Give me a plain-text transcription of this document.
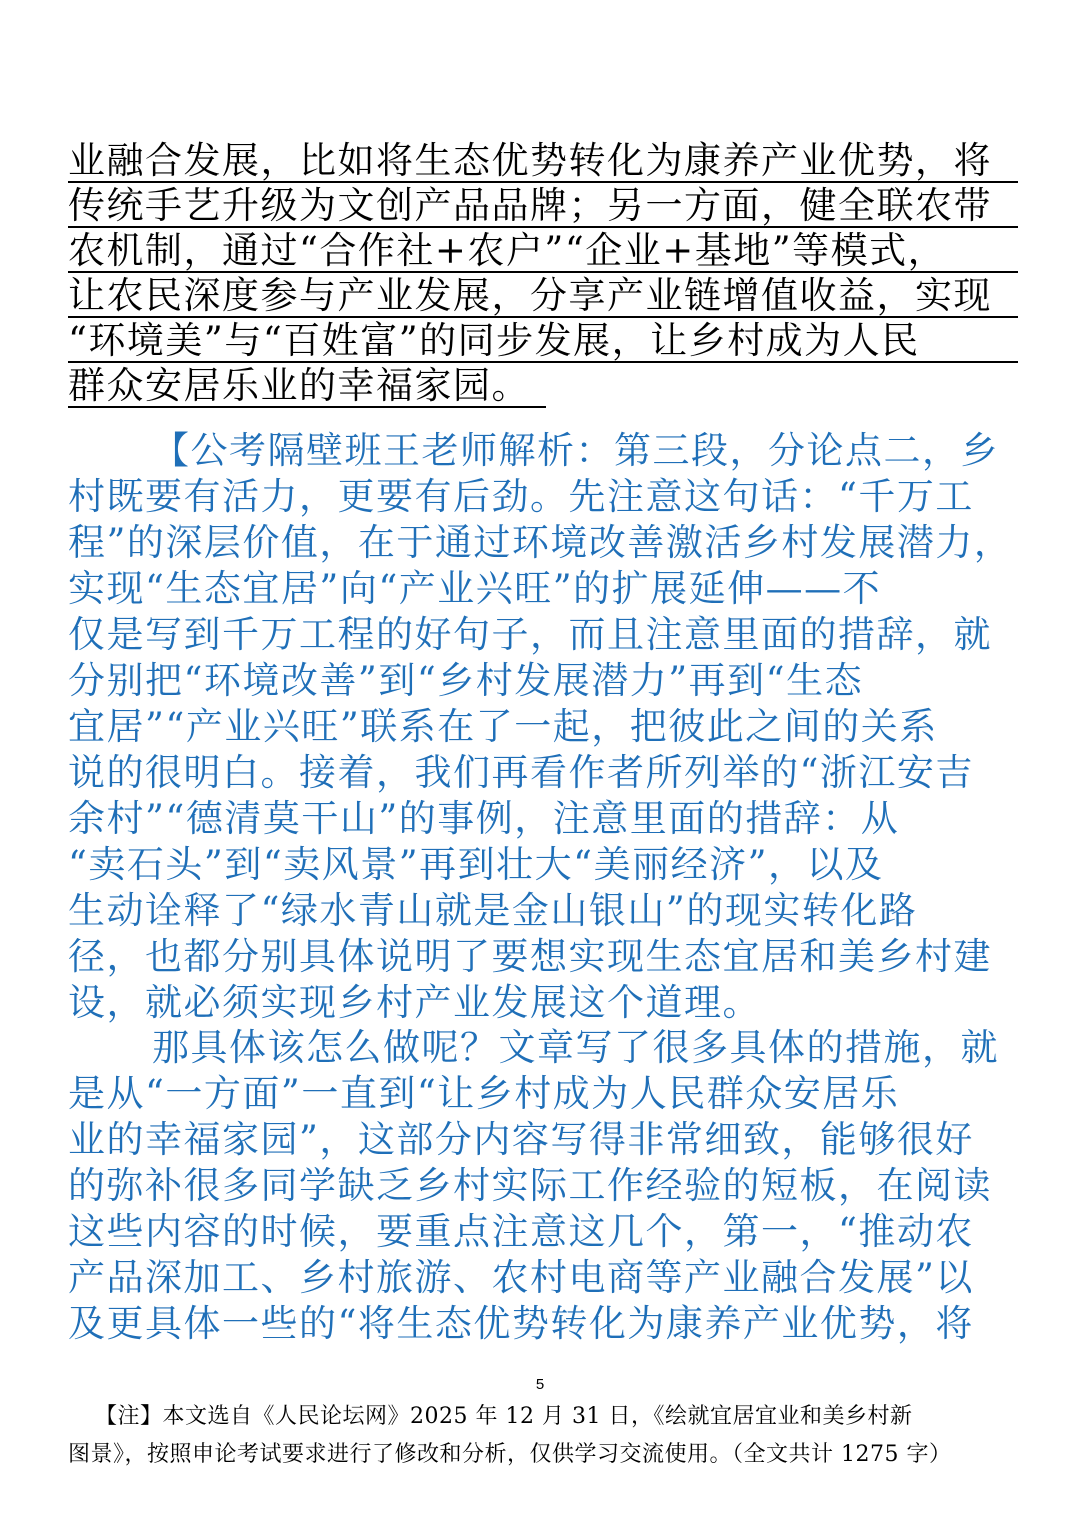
业融合发展，比如将生态优势转化为康养产业优势，将
传统手艺升级为文创产品品牌；另一方面，健全联农带
农机制，通过“合作社+农户”“企业+基地”等模式，
让农民深度参与产业发展，分享产业链增值收益，实现
“环境美”与“百姓富”的同步发展，让乡村成为人民
群众安居乐业的幸福家园。
【公考隔壁班王老师解析：第三段，分论点二，乡
村既要有活力，更要有后劲。先注意这句话：“千万工
程”的深层价值，在于通过环境改善激活乡村发展潜力，
实现“生态宜居”向“产业兴旺”的扩展延伸——不
仅是写到千万工程的好句子，而且注意里面的措辞，就
分别把“环境改善”到“乡村发展潜力”再到“生态
宜居”“产业兴旺”联系在了一起，把彼此之间的关系
说的很明白。接着，我们再看作者所列举的“浙江安吉
余村”“德清莫干山”的事例，注意里面的措辞：从
“卖石头”到“卖风景”再到壮大“美丽经济”，以及
生动诠释了“绿水青山就是金山银山”的现实转化路
径，也都分别具体说明了要想实现生态宜居和美乡村建
设，就必须实现乡村产业发展这个道理。
那具体该怎么做呢？文章写了很多具体的措施，就
是从“一方面”一直到“让乡村成为人民群众安居乐
业的幸福家园”，这部分内容写得非常细致，能够很好
的弥补很多同学缺乏乡村实际工作经验的短板，在阅读
这些内容的时候，要重点注意这几个，第一，“推动农
产品深加工、乡村旅游、农村电商等产业融合发展”以
及更具体一些的“将生态优势转化为康养产业优势，将
5
【注】本文选自《人民论坛网》2025 年 12 月 31 日，《绘就宜居宜业和美乡村新
图景》，按照申论考试要求进行了修改和分析，仅供学习交流使用。（全文共计 1275 字）
